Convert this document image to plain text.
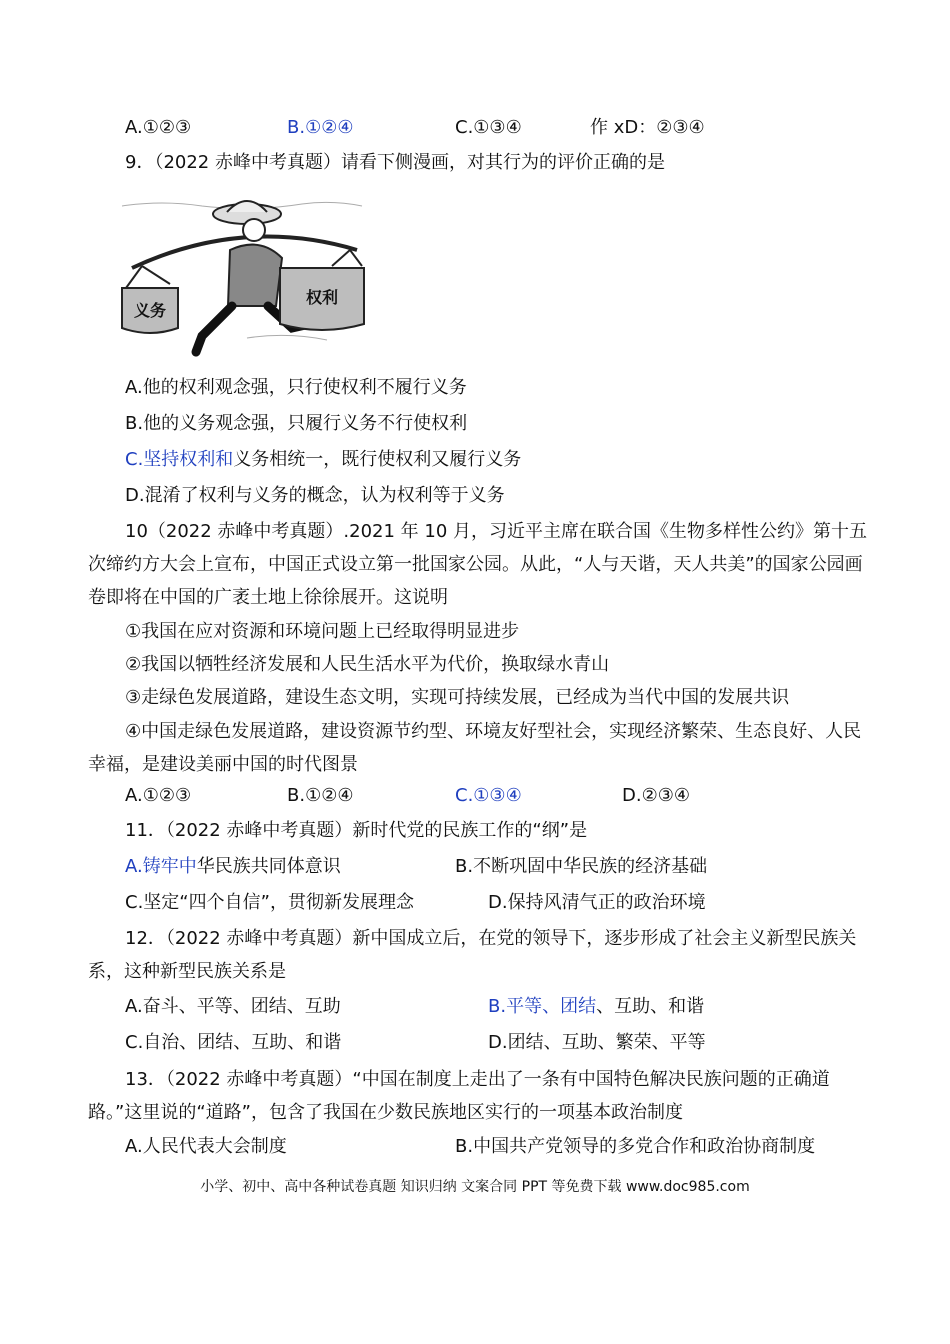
A.①②③	B.①②④	C.①③④	作 xD：②③④
9．（2022 赤峰中考真题）请看下侧漫画，对其行为的评价正确的是
义务
权利
A.他的权利观念强，只行使权利不履行义务
B.他的义务观念强，只履行义务不行使权利
C.坚持权利和义务相统一，既行使权利又履行义务
D.混淆了权利与义务的概念，认为权利等于义务
10（2022 赤峰中考真题）.2021 年 10 月，习近平主席在联合国《生物多样性公约》第十五次缔约方大会上宣布，中国正式设立第一批国家公园。从此，“人与天谐，天人共美”的国家公园画卷即将在中国的广袤土地上徐徐展开。这说明
①我国在应对资源和环境问题上已经取得明显进步
②我国以牺牲经济发展和人民生活水平为代价，换取绿水青山
③走绿色发展道路，建设生态文明，实现可持续发展，已经成为当代中国的发展共识
④中国走绿色发展道路，建设资源节约型、环境友好型社会，实现经济繁荣、生态良好、人民幸福，是建设美丽中国的时代图景
A.①②③	B.①②④	C.①③④	D.②③④
11．（2022 赤峰中考真题）新时代党的民族工作的“纲”是
A.铸牢中华民族共同体意识	B.不断巩固中华民族的经济基础
C.坚定“四个自信”，贯彻新发展理念	D.保持风清气正的政治环境
12．（2022 赤峰中考真题）新中国成立后，在党的领导下，逐步形成了社会主义新型民族关系，这种新型民族关系是
A.奋斗、平等、团结、互助	B.平等、团结、互助、和谐
C.自治、团结、互助、和谐	D.团结、互助、繁荣、平等
13．（2022 赤峰中考真题）“中国在制度上走出了一条有中国特色解决民族问题的正确道路。”这里说的“道路”，包含了我国在少数民族地区实行的一项基本政治制度
A.人民代表大会制度	B.中国共产党领导的多党合作和政治协商制度
小学、初中、高中各种试卷真题 知识归纳 文案合同 PPT 等免费下载 www.doc985.com
